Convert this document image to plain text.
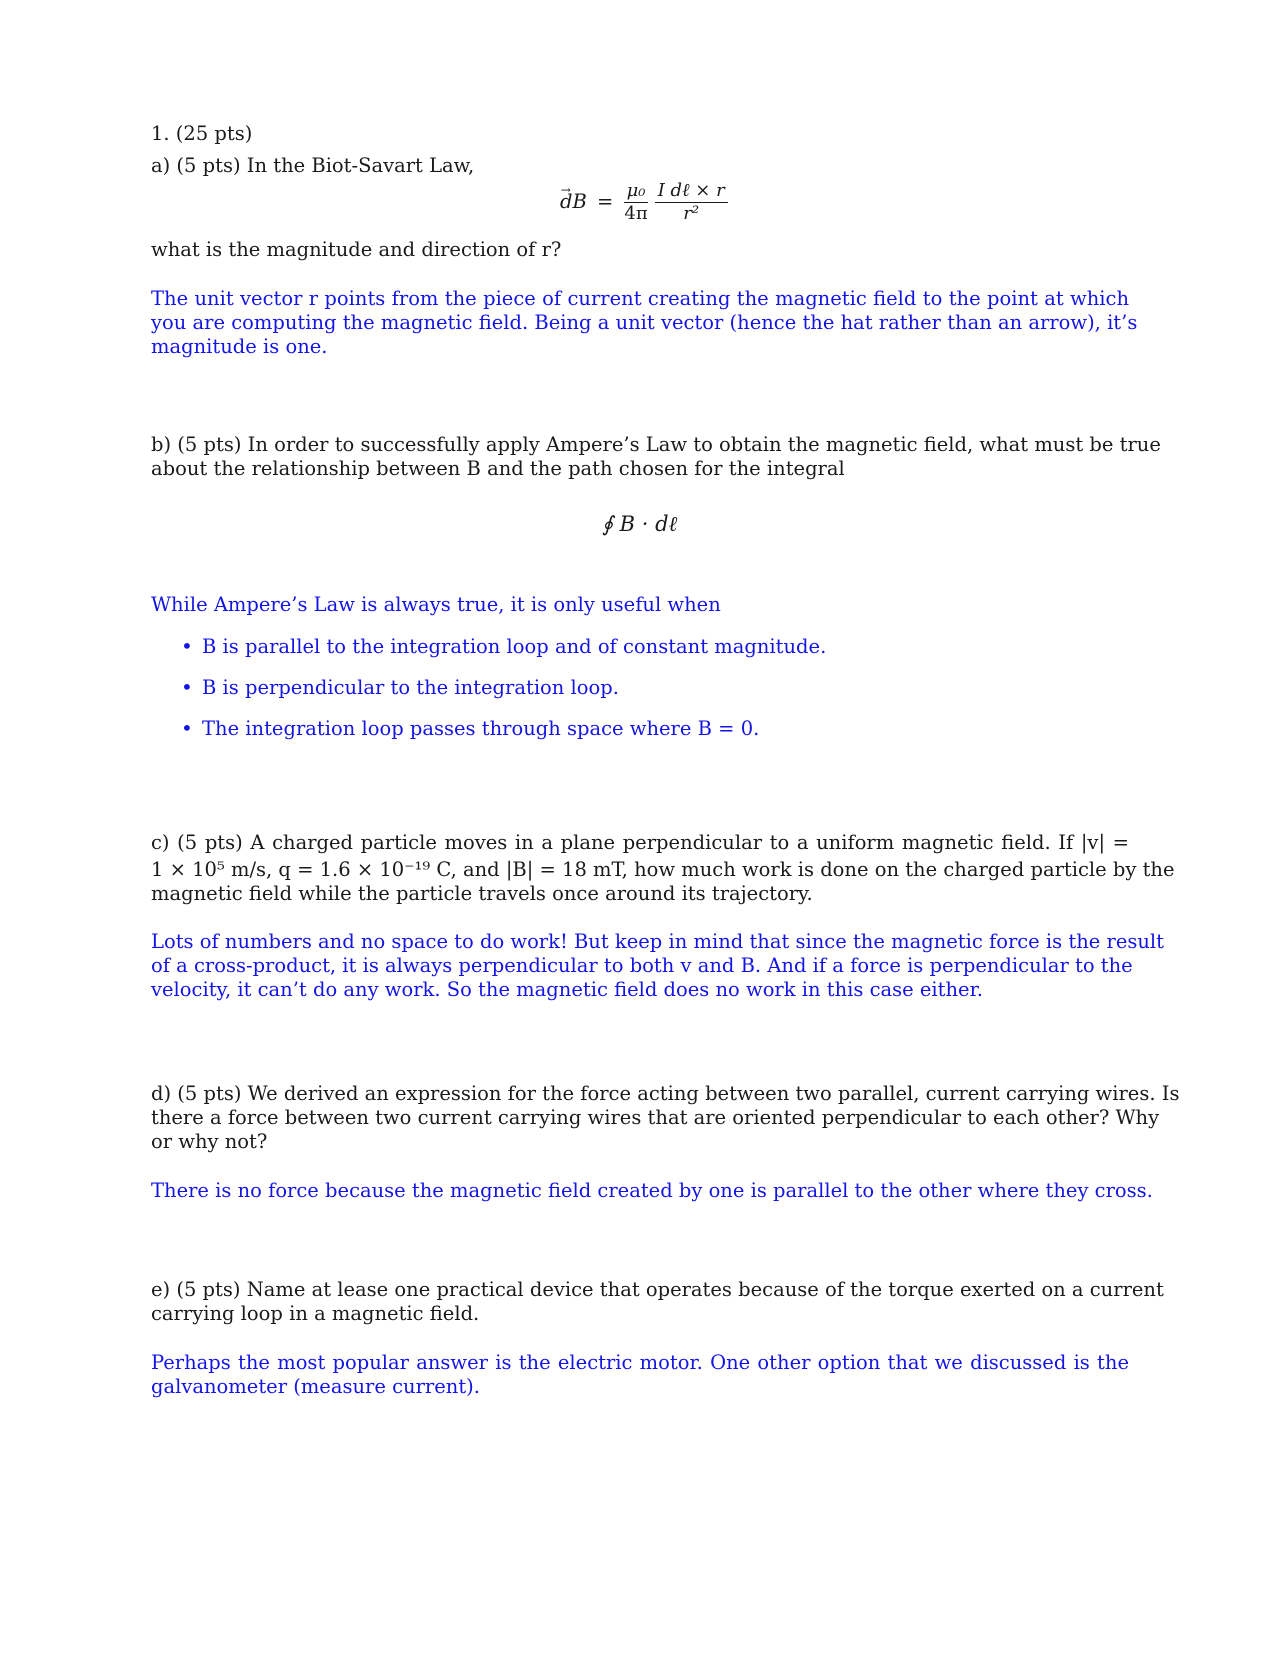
1. (25 pts)
a) (5 pts) In the Biot-Savart Law,
→ dB = $\frac{\text{μ₀}}{4\pi}$
$\frac{\text{I dℓ × r}}{\text{r²}}$
what is the magnitude and direction of r?
The unit vector r points from the piece of current creating the magnetic field to the point at which
you are computing the magnetic field. Being a unit vector (hence the hat rather than an arrow), it’s
magnitude is one.
b) (5 pts) In order to successfully apply Ampere’s Law to obtain the magnetic field, what must be true
about the relationship between B and the path chosen for the integral
∮ B · dℓ
While Ampere’s Law is always true, it is only useful when
• B is parallel to the integration loop and of constant magnitude.
• B is perpendicular to the integration loop.
• The integration loop passes through space where B = 0.
c) (5 pts) A charged particle moves in a plane perpendicular to a uniform magnetic field. If |v| =
1 × 10⁵ m/s, q = 1.6 × 10⁻¹⁹ C, and |B| = 18 mT, how much work is done on the charged particle by the
magnetic field while the particle travels once around its trajectory.
Lots of numbers and no space to do work! But keep in mind that since the magnetic force is the result
of a cross-product, it is always perpendicular to both v and B. And if a force is perpendicular to the
velocity, it can’t do any work. So the magnetic field does no work in this case either.
d) (5 pts) We derived an expression for the force acting between two parallel, current carrying wires. Is
there a force between two current carrying wires that are oriented perpendicular to each other? Why
or why not?
There is no force because the magnetic field created by one is parallel to the other where they cross.
e) (5 pts) Name at lease one practical device that operates because of the torque exerted on a current
carrying loop in a magnetic field.
Perhaps the most popular answer is the electric motor. One other option that we discussed is the
galvanometer (measure current).
